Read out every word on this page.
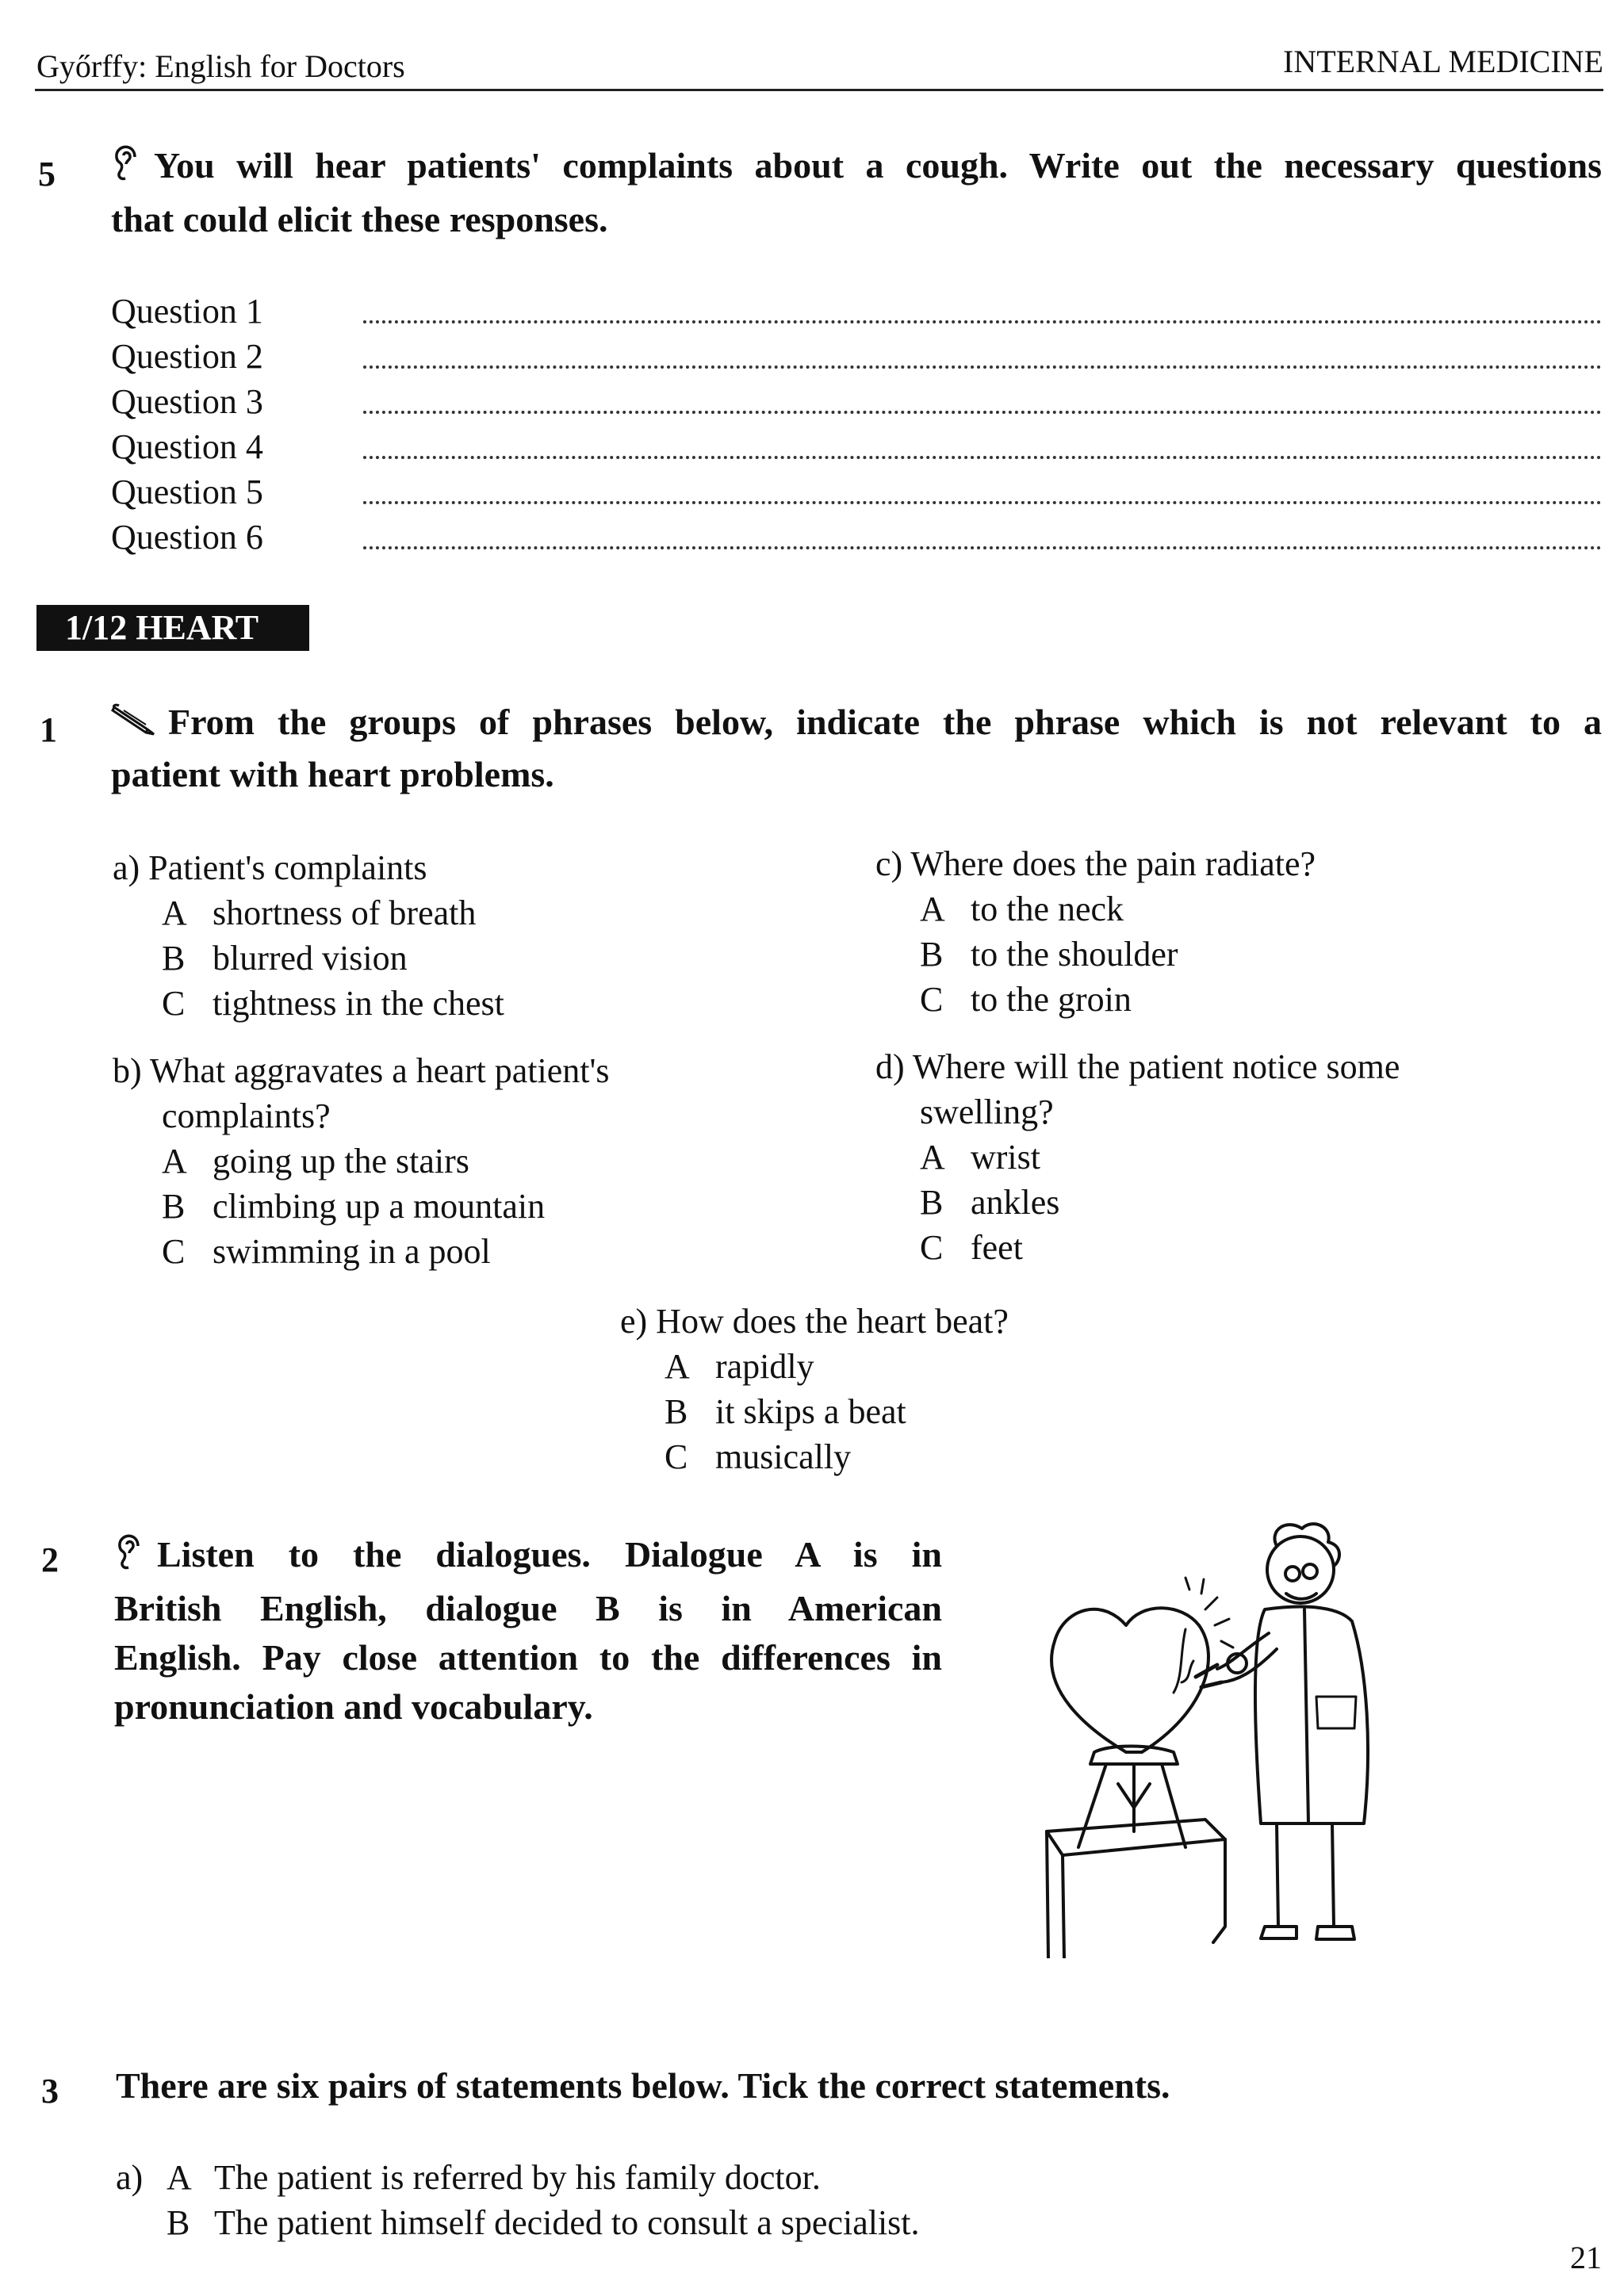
Győrffy: English for Doctors	INTERNAL MEDICINE
5	You will hear patients' complaints about a cough. Write out the necessary questions
that could elicit these responses.
Question 1
Question 2
Question 3
Question 4
Question 5
Question 6
1/12 HEART
1	From the groups of phrases below, indicate the phrase which is not relevant to a
patient with heart problems.
a) Patient's complaints
A shortness of breath
B blurred vision
C tightness in the chest
c) Where does the pain radiate?
A to the neck
B to the shoulder
C to the groin
b) What aggravates a heart patient's
complaints?
A going up the stairs
B climbing up a mountain
C swimming in a pool
d) Where will the patient notice some
swelling?
A wrist
B ankles
C feet
e) How does the heart beat?
A rapidly
B it skips a beat
C musically
2	Listen to the dialogues. Dialogue A is in
British English, dialogue B is in American
English. Pay close attention to the differences in
pronunciation and vocabulary.
3 There are six pairs of statements below. Tick the correct statements.
a) A The patient is referred by his family doctor.
B The patient himself decided to consult a specialist.
21
